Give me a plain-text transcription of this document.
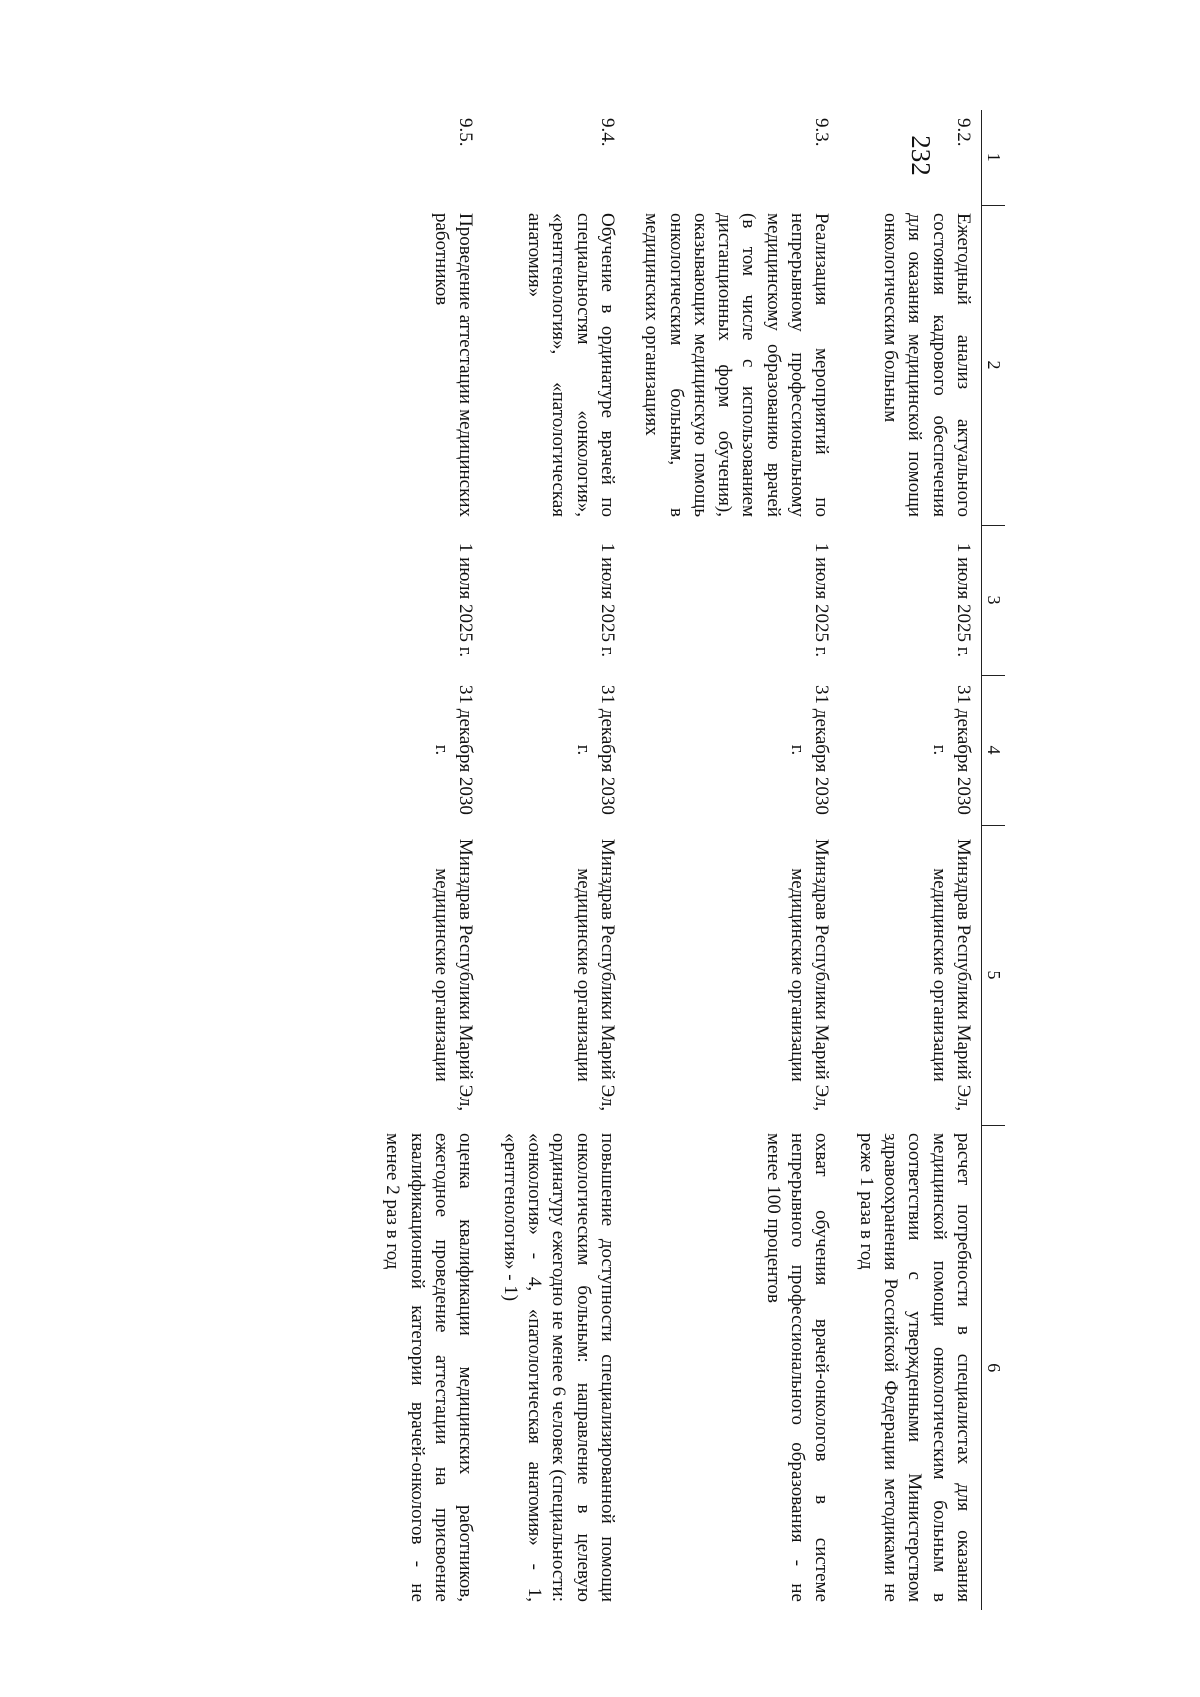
232	1	2	3	4	5	6
9.2.	Ежегодный анализ актуального состояния кадрового обеспечения для оказания медицинской помощи онкологическим больным	1 июля 2025 г.	31 декабря 2030 г.	Минздрав Республики Марий Эл, медицинские организации	расчет потребности в специалистах для оказания медицинской помощи онкологическим больным в соответствии с утвержденными Министерством здравоохранения Российской Федерации методиками не реже 1 раза в год
9.3.	Реализация мероприятий по непрерывному профессиональному медицинскому образованию врачей (в том числе с использованием дистанционных форм обучения), оказывающих медицинскую помощь онкологическим больным, в медицинских организациях	1 июля 2025 г.	31 декабря 2030 г.	Минздрав Республики Марий Эл, медицинские организации	охват обучения врачей-онкологов в системе непрерывного профессионального образования - не менее 100 процентов
9.4.	Обучение в ординатуре врачей по специальностям «онкология», «рентгенология», «патологическая анатомия»	1 июля 2025 г.	31 декабря 2030 г.	Минздрав Республики Марий Эл, медицинские организации	повышение доступности специализированной помощи онкологическим больным: направление в целевую ординатуру ежегодно не менее 6 человек (специальности: «онкология» - 4, «патологическая анатомия» - 1, «рентгенология» - 1)
9.5.	Проведение аттестации медицинских работников	1 июля 2025 г.	31 декабря 2030 г.	Минздрав Республики Марий Эл, медицинские организации	оценка квалификации медицинских работников, ежегодное проведение аттестации на присвоение квалификационной категории врачей-онкологов - не менее 2 раз в год
